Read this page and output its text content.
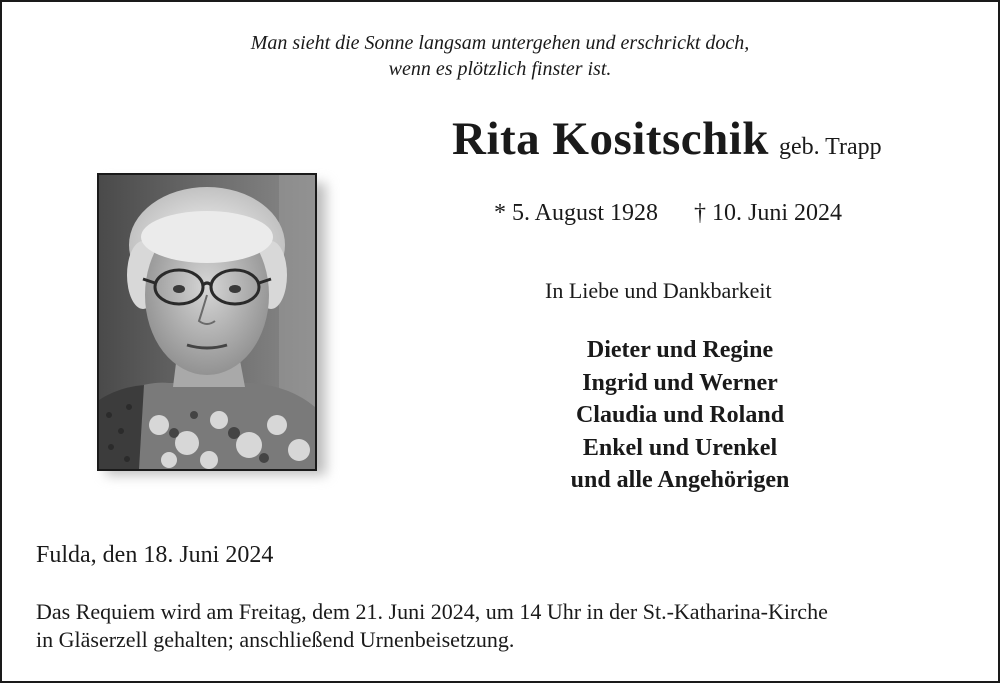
Man sieht die Sonne langsam untergehen und erschrickt doch,
wenn es plötzlich finster ist.
Rita Kositschik geb. Trapp
* 5. August 1928 † 10. Juni 2024
In Liebe und Dankbarkeit
Dieter und Regine
Ingrid und Werner
Claudia und Roland
Enkel und Urenkel
und alle Angehörigen
Fulda, den 18. Juni 2024
Das Requiem wird am Freitag, dem 21. Juni 2024, um 14 Uhr in der St.-Katharina-Kirche
in Gläserzell gehalten; anschließend Urnenbeisetzung.
